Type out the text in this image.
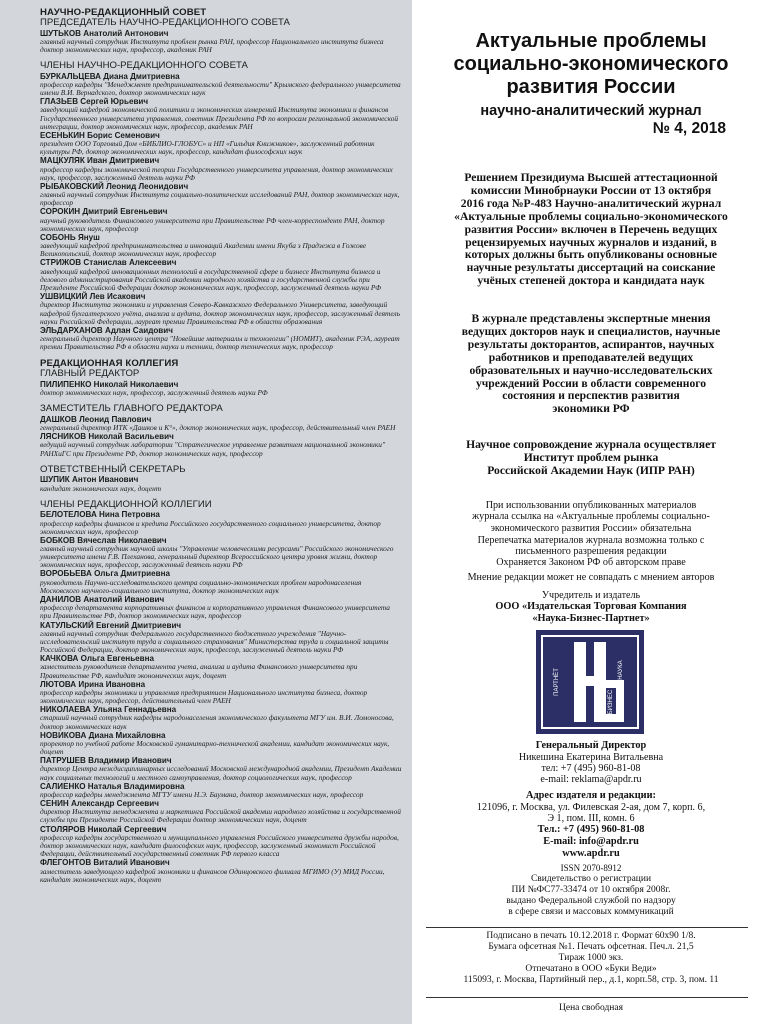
НАУЧНО-РЕДАКЦИОННЫЙ СОВЕТ

ПРЕДСЕДАТЕЛЬ НАУЧНО-РЕДАКЦИОННОГО СОВЕТА

ШУТЬКОВ Анатолий Антонович

главный научный сотрудник Института проблем рынка РАН, профессор Национального института бизнеса доктор экономических наук, профессор, академик РАН

ЧЛЕНЫ НАУЧНО-РЕДАКЦИОННОГО СОВЕТА

БУРКАЛЬЦЕВА Диана Дмитриевна

профессор кафедры "Менеджмент предпринимательской деятельности" Крымского федерального университета имени В.И. Вернадского, доктор экономических наук

ГЛАЗЬЕВ Сергей Юрьевич

заведующий кафедрой экономической политики и экономических измерений Института экономики и финансов Государственного университета управления, советник Президента РФ по вопросам региональной экономической интеграции, доктор экономических наук, профессор, академик РАН

ЕСЕНЬКИН Борис Семенович

президент ООО Торговый Дом «БИБЛИО-ГЛОБУС» и НП «Гильдия Книжников», заслуженный работник культуры РФ, доктор экономических наук, профессор, кандидат философских наук

МАЦКУЛЯК Иван Дмитриевич

профессор кафедры экономической теории Государственного университета управления, доктор экономических наук, профессор, заслуженный деятель науки РФ

РЫБАКОВСКИЙ Леонид Леонидович

главный научный сотрудник Института социально-политических исследований РАН, доктор экономических наук, профессор

СОРОКИН Дмитрий Евгеньевич

научный руководитель Финансового университета при Правительстве РФ член-корреспондент РАН, доктор экономических наук, профессор

СОБОНЬ Януш

заведующий кафедрой предпринимательства и инноваций Академии имени Якуба з Прадзежа в Гожове Великопольский, доктор экономических наук, профессор

СТРИЖОВ Станислав Алексеевич

заведующий кафедрой инновационных технологий в государственной сфере и бизнесе Института бизнеса и делового администрирования Российской академии народного хозяйства и государственной службы при Президенте Российской Федерации доктор экономических наук, профессор, заслуженный деятель науки РФ

УШВИЦКИЙ Лев Исакович

директор Института экономики и управления Северо-Кавказского Федерального Университета, заведующий кафедрой бухгалтерского учёта, анализа и аудита, доктор экономических наук, профессор, заслуженный деятель науки Российской Федерации, лауреат премии Правительства РФ в области образования

ЭЛЬДАРХАНОВ Адлан Саидович

генеральный директор Научного центра "Новейшие материалы и технологии" (НОМИТ), академик РЭА, лауреат премии Правительства РФ в области науки и техники, доктор технических наук, профессор

РЕДАКЦИОННАЯ КОЛЛЕГИЯ

ГЛАВНЫЙ РЕДАКТОР

ПИЛИПЕНКО Николай Николаевич

доктор экономических наук, профессор, заслуженный деятель науки РФ

ЗАМЕСТИТЕЛЬ ГЛАВНОГО РЕДАКТОРА

ДАШКОВ Леонид Павлович

генеральный директор ИТК «Дашков и К°», доктор экономических наук, профессор, действительный член РАЕН

ЛЯСНИКОВ Николай Васильевич

ведущий научный сотрудник лаборатории "Стратегическое управление развитием национальной экономики" РАНХиГС при Президенте РФ, доктор экономических наук, профессор

ОТВЕТСТВЕННЫЙ СЕКРЕТАРЬ

ШУПИК Антон Иванович

кандидат экономических наук, доцент

ЧЛЕНЫ РЕДАКЦИОННОЙ КОЛЛЕГИИ

БЕЛОТЕЛОВА Нина Петровна

профессор кафедры финансов и кредита Российского государственного социального университета, доктор экономических наук, профессор

БОБКОВ Вячеслав Николаевич

главный научный сотрудник научной школы "Управление человеческими ресурсами" Российского экономического университета имени Г.В. Плеханова, генеральный директор Всероссийского центра уровня жизни, доктор экономических наук, профессор, заслуженный деятель науки РФ

ВОРОБЬЕВА Ольга Дмитриевна

руководитель Научно-исследовательского центра социально-экономических проблем народонаселения Московского научного-социального института, доктор экономических наук

ДАНИЛОВ Анатолий Иванович

профессор департамента корпоративных финансов и корпоративного управления Финансового университета при Правительстве РФ, доктор экономических наук, профессор

КАТУЛЬСКИЙ Евгений Дмитриевич

главный научный сотрудник Федерального государственного бюджетного учреждения "Научно-исследовательский институт труда и социального страхования" Министерства труда и социальной защиты Российской Федерации, доктор экономических наук, профессор, заслуженный деятель науки РФ

КАЧКОВА Ольга Евгеньевна

заместитель руководителя департамента учета, анализа и аудита Финансового университета при Правительстве РФ, кандидат экономических наук, доцент

ЛЮТОВА Ирина Ивановна

профессор кафедры экономики и управления предприятием Национального института бизнеса, доктор экономических наук, профессор, действительный член РАЕН

НИКОЛАЕВА Ульяна Геннадьевна

старший научный сотрудник кафедры народонаселения экономического факультета МГУ им. В.И. Ломоносова, доктор экономических наук

НОВИКОВА Диана Михайловна

проректор по учебной работе Московской гуманитарно-технической академии, кандидат экономических наук, доцент

ПАТРУШЕВ Владимир Иванович

директор Центра междисциплинарных исследований Московской международной академии, Президент Академии наук социальных технологий и местного самоуправления, доктор социологических наук, профессор

САЛИЕНКО Наталья Владимировна

профессор кафедры менеджмента МГТУ имени Н.Э. Баумана, доктор экономических наук, профессор

СЕНИН Александр Сергеевич

директор Института менеджмента и маркетинга Российской академии народного хозяйства и государственной службы при Президенте Российской Федерации доктор экономических наук, доцент

СТОЛЯРОВ Николай Сергеевич

профессор кафедры государственного и муниципального управления Российского университета дружбы народов, доктор экономических наук, кандидат философских наук, профессор, заслуженный экономист Российской Федерации, действительный государственный советник РФ первого класса

ФЛЕГОНТОВ Виталий Иванович

заместитель заведующего кафедрой экономики и финансов Одинцовского филиала МГИМО (У) МИД России, кандидат экономических наук, доцент

Актуальные проблемы

социально-экономического

развития России

научно-аналитический журнал

№ 4, 2018

Решением Президиума Высшей аттестационной

комиссии Минобрнауки России от 13 октября

2016 года №Р-483 Научно-аналитический журнал

«Актуальные проблемы социально-экономического

развития России» включен в Перечень ведущих

рецензируемых научных журналов и изданий, в

которых должны быть опубликованы основные

научные результаты диссертаций на соискание

учёных степеней доктора и кандидата наук

В журнале представлены экспертные мнения

ведущих докторов наук и специалистов, научные

результаты докторантов, аспирантов, научных

работников и преподавателей ведущих

образовательных и научно-исследовательских

учреждений России в области современного

состояния и перспектив развития

экономики РФ

Научное сопровождение журнала осуществляет

Институт проблем рынка

Российской Академии Наук (ИПР РАН)

При использовании опубликованных материалов

журнала ссылка на «Актуальные проблемы социально-

экономического развития России» обязательна

Перепечатка материалов журнала возможна только с

письменного разрешения редакции

Охраняется Законом РФ об авторском праве

Мнение редакции может не совпадать с мнением авторов

Учредитель и издатель

ООО «Издательская Торговая Компания

«Наука-Бизнес-Партнет»

НАУКА
ПАРТНЁТ
БИЗНЕС

Генеральный Директор

Никешина Екатерина Витальевна

тел: +7 (495) 960-81-08

e-mail: reklama@apdr.ru

Адрес издателя и редакции:

121096, г. Москва, ул. Филевская 2-ая, дом 7, корп. 6,

Э 1, пом. III, комн. 6

Тел.: +7 (495) 960-81-08

E-mail: info@apdr.ru

www.apdr.ru

ISSN 2070-8912

Свидетельство о регистрации

ПИ №ФС77-33474 от 10 октября 2008г.

выдано Федеральной службой по надзору

в сфере связи и массовых коммуникаций

Подписано в печать 10.12.2018 г. Формат 60х90 1/8.

Бумага офсетная №1. Печать офсетная. Печ.л. 21,5

Тираж 1000 экз.

Отпечатано в ООО «Буки Веди»

115093, г. Москва, Партийный пер., д.1, корп.58, стр. 3, пом. 11

Цена свободная
